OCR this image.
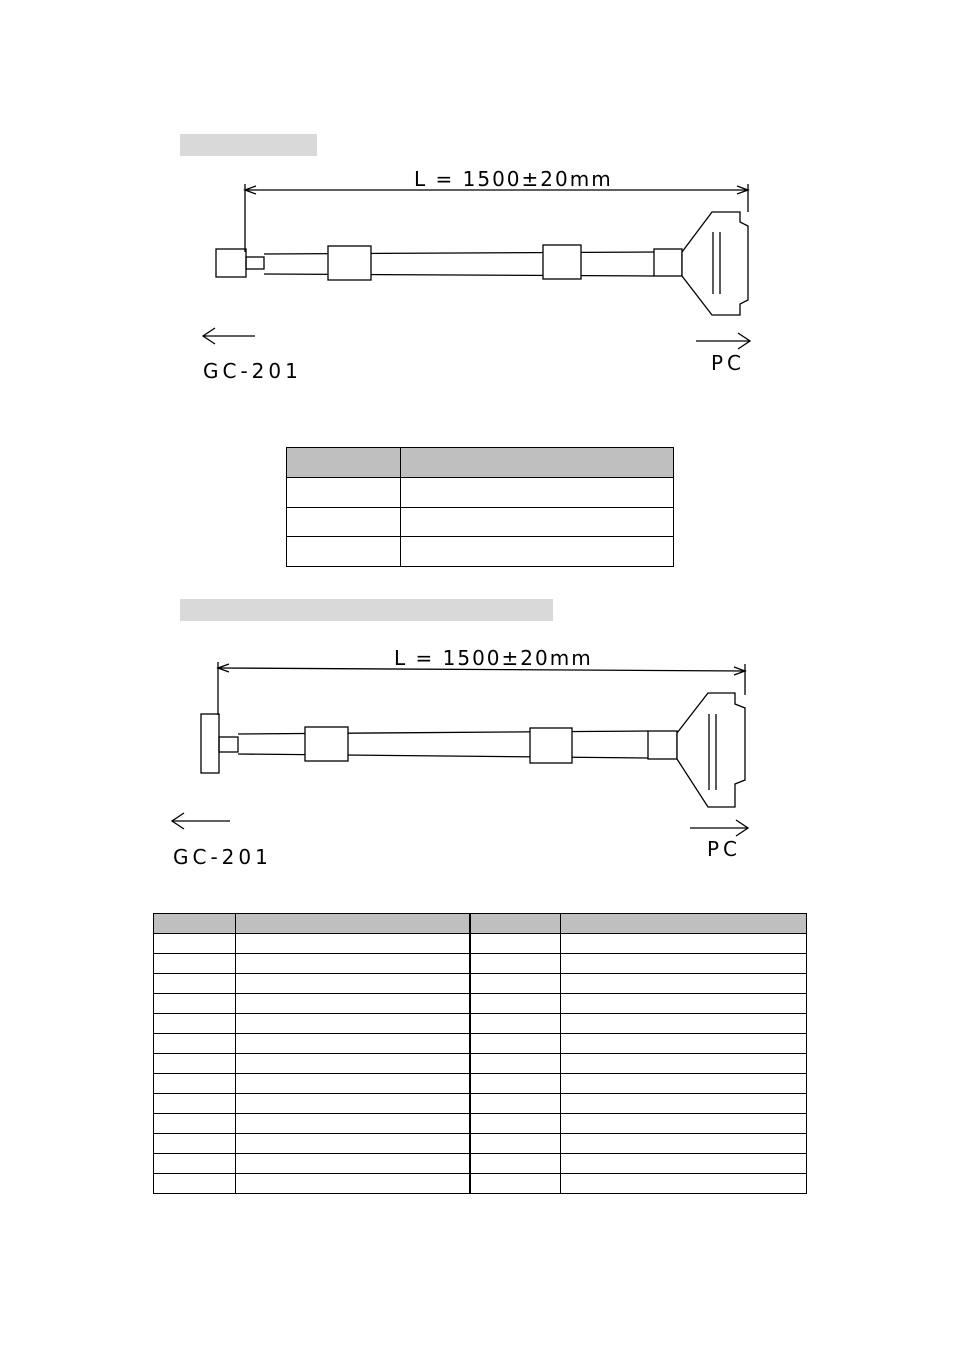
L = 1500±20mm
GC-201	PC

L = 1500±20mm
GC-201	PC
